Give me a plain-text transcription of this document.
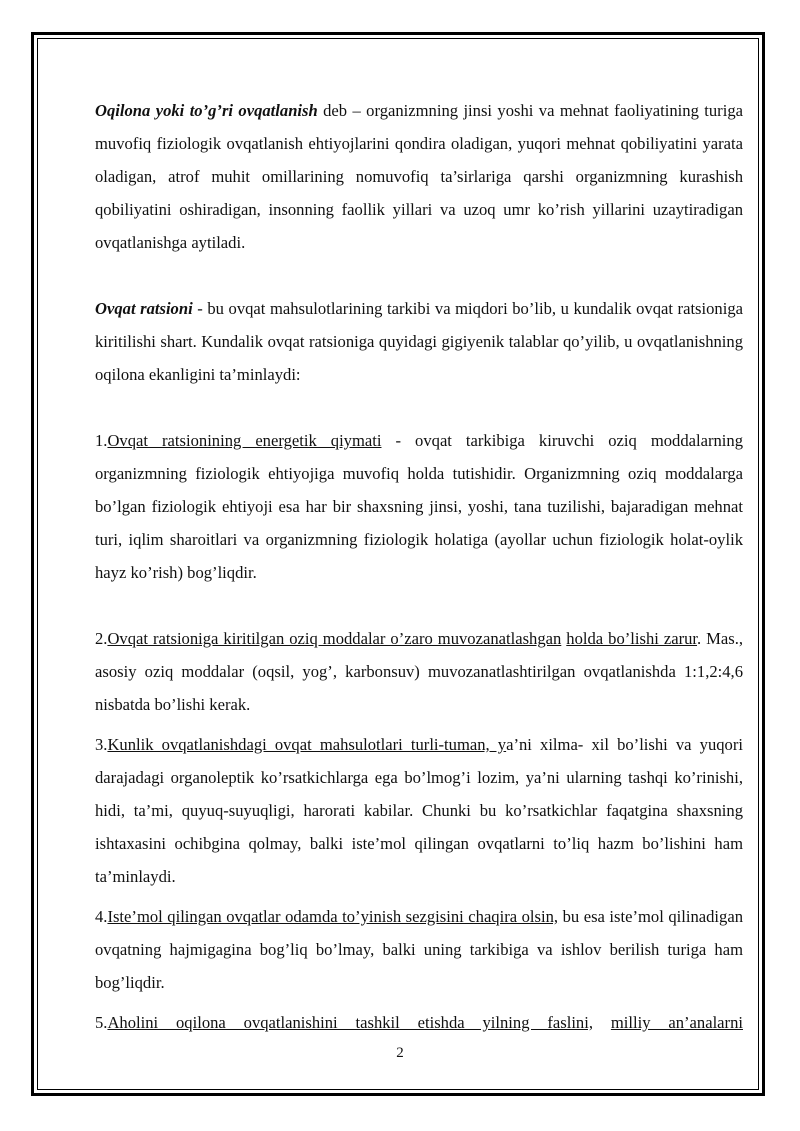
Oqilona yoki to’g’ri ovqatlanish deb – organizmning jinsi yoshi va mehnat faoliyatining turiga muvofiq fiziologik ovqatlanish ehtiyojlarini qondira oladigan, yuqori mehnat qobiliyatini yarata oladigan, atrof muhit omillarining nomuvofiq ta’sirlariga qarshi organizmning kurashish qobiliyatini oshiradigan, insonning faollik yillari va uzoq umr ko’rish yillarini uzaytiradigan ovqatlanishga aytiladi.

Ovqat ratsioni - bu ovqat mahsulotlarining tarkibi va miqdori bo’lib, u kundalik ovqat ratsioniga kiritilishi shart. Kundalik ovqat ratsioniga quyidagi gigiyenik talablar qo’yilib, u ovqatlanishning oqilona ekanligini ta’minlaydi:

1.Ovqat ratsionining energetik qiymati - ovqat tarkibiga kiruvchi oziq moddalarning organizmning fiziologik ehtiyojiga muvofiq holda tutishidir. Organizmning oziq moddalarga bo’lgan fiziologik ehtiyoji esa har bir shaxsning jinsi, yoshi, tana tuzilishi, bajaradigan mehnat turi, iqlim sharoitlari va organizmning fiziologik holatiga (ayollar uchun fiziologik holat-oylik hayz ko’rish) bog’liqdir.

2.Ovqat ratsioniga kiritilgan oziq moddalar o’zaro muvozanatlashgan holda bo’lishi zarur. Mas., asosiy oziq moddalar (oqsil, yog’, karbonsuv) muvozanatlashtirilgan ovqatlanishda 1:1,2:4,6 nisbatda bo’lishi kerak.

3.Kunlik ovqatlanishdagi ovqat mahsulotlari turli-tuman, ya’ni xilma- xil bo’lishi va yuqori darajadagi organoleptik ko’rsatkichlarga ega bo’lmog’i lozim, ya’ni ularning tashqi ko’rinishi, hidi, ta’mi, quyuq-suyuqligi, harorati kabilar. Chunki bu ko’rsatkichlar faqatgina shaxsning ishtaxasini ochibgina qolmay, balki iste’mol qilingan ovqatlarni to’liq hazm bo’lishini ham ta’minlaydi.

4.Iste’mol qilingan ovqatlar odamda to’yinish sezgisini chaqira olsin, bu esa iste’mol qilinadigan ovqatning hajmigagina bog’liq bo’lmay, balki uning tarkibiga va ishlov berilish turiga ham bog’liqdir.

5.Aholini oqilona ovqatlanishini tashkil etishda yilning faslini, milliy an’analarni

2
